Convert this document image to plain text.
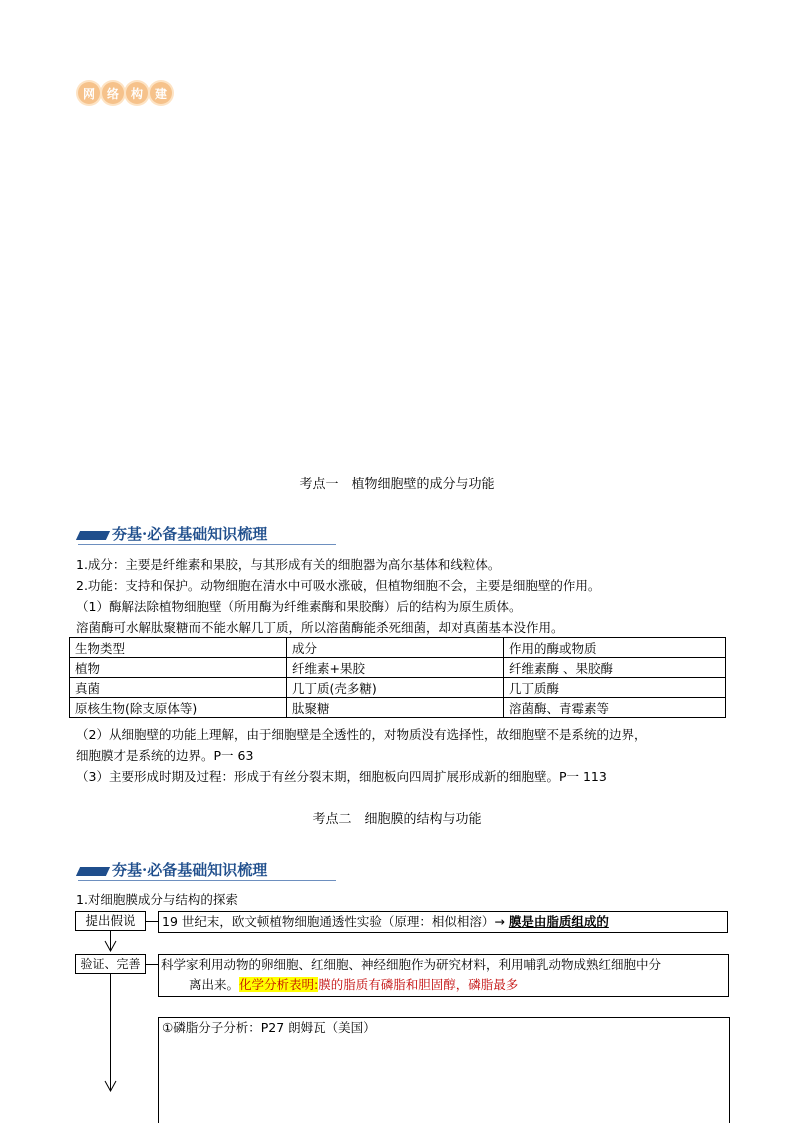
网 络 构 建
考点一　植物细胞壁的成分与功能
夯基·必备基础知识梳理
1.成分：主要是纤维素和果胶，与其形成有关的细胞器为高尔基体和线粒体。
2.功能：支持和保护。动物细胞在清水中可吸水涨破，但植物细胞不会，主要是细胞壁的作用。
（1）酶解法除植物细胞壁（所用酶为纤维素酶和果胶酶）后的结构为原生质体。
溶菌酶可水解肽聚糖而不能水解几丁质，所以溶菌酶能杀死细菌，却对真菌基本没作用。
生物类型	成分	作用的酶或物质
植物	纤维素+果胶	纤维素酶 、果胶酶
真菌	几丁质(壳多糖)	几丁质酶
原核生物(除支原体等)	肽聚糖	溶菌酶、青霉素等
（2）从细胞壁的功能上理解，由于细胞壁是全透性的，对物质没有选择性，故细胞壁不是系统的边界，
细胞膜才是系统的边界。P一 63
（3）主要形成时期及过程：形成于有丝分裂末期，细胞板向四周扩展形成新的细胞壁。P一 113
考点二　细胞膜的结构与功能
夯基·必备基础知识梳理
1.对细胞膜成分与结构的探索
提出假说	19 世纪末，欧文顿植物细胞通透性实验（原理：相似相溶）→ 膜是由脂质组成的
验证、完善	科学家利用动物的卵细胞、红细胞、神经细胞作为研究材料，利用哺乳动物成熟红细胞中分
离出来。化学分析表明:膜的脂质有磷脂和胆固醇，磷脂最多
①磷脂分子分析：P27 朗姆瓦（美国）
